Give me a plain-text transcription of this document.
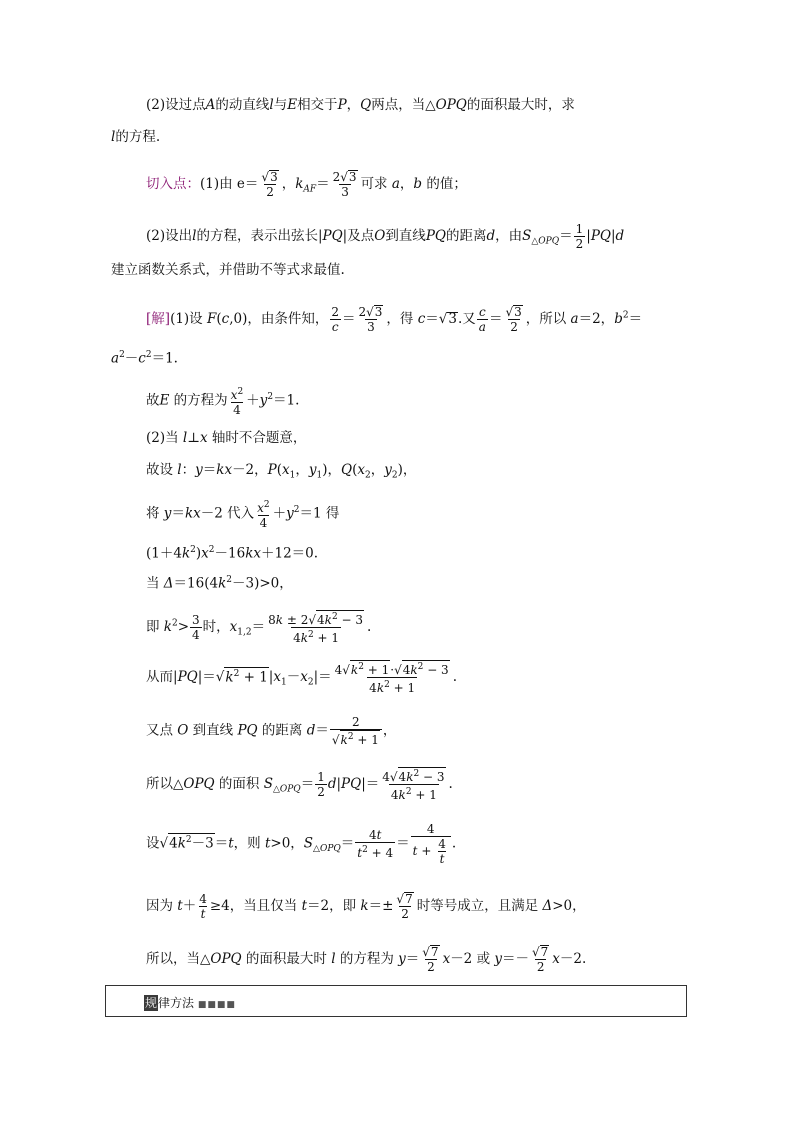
(2)设过点A的动直线l与E相交于P，Q两点，当△OPQ的面积最大时，求
l的方程.
切入点：(1)由 $e= \frac{√3}{2}$ ，$k_{AF}= \frac{2√3}{3}$ 可求 a，b 的值；
(2)设出l的方程，表示出弦长|PQ|及点O到直线PQ的距离d，由$S_{\triangle OPQ}= \frac{1}{2} |PQ|d$
建立函数关系式，并借助不等式求最值.
[解](1)设 F(c,0)，由条件知， $\frac{2}{c} = \frac{2√3}{3}$ ，得 c＝√3.又 $\frac{c}{a} = \frac{√3}{2}$ ，所以 a＝2，$b^2=$
$a^2-c^2=1$.
故E 的方程为 $\frac{x^2}{4} +y^2=1$.
(2)当 l⊥x 轴时不合题意，
故设 l：y＝kx－2，$P(x_1$，$y_1$)，$Q(x_2$，$y_2$)，
将 y＝kx－2 代入 $\frac{x^2}{4} +y^2=1$ 得
$(1+4k^2)x^2-16kx+12=0$.
当 $\Delta=16(4k^2-3)>0$，
即 $k^2> \frac{3}{4}$ 时，$x_{1,2}= \frac{8k \pm 2√4k^2 - 3}{4k^2 + 1}$ .
从而$|PQ|=√k^2 + 1|x_1-x_2|= \frac{4√k^2 + 1\cdot√4k^2 - 3}{4k^2 + 1}$ .
又点 O 到直线 PQ 的距离 $d= \frac{2}{√k^2 + 1}$ ，
所以△OPQ 的面积 $S_{\triangle OPQ}= \frac{1}{2} d|PQ|= \frac{4√4k^2 - 3}{4k^2 + 1}$ .
设$√4k^2-3=t$，则 t>0，$S_{\triangle OPQ}= \frac{4t}{t^2 + 4} = \frac{4}{t + \frac{4}{t}}$ .
因为 $t+ \frac{4}{t} \ge 4$，当且仅当 t＝2，即 $k=\pm \frac{√7}{2}$ 时等号成立，且满足 Δ>0，
所以，当△OPQ 的面积最大时 l 的方程为 $y= \frac{√7}{2} x-2$ 或 $y=- \frac{√7}{2} x-2$.
规律方法 ■■■■
